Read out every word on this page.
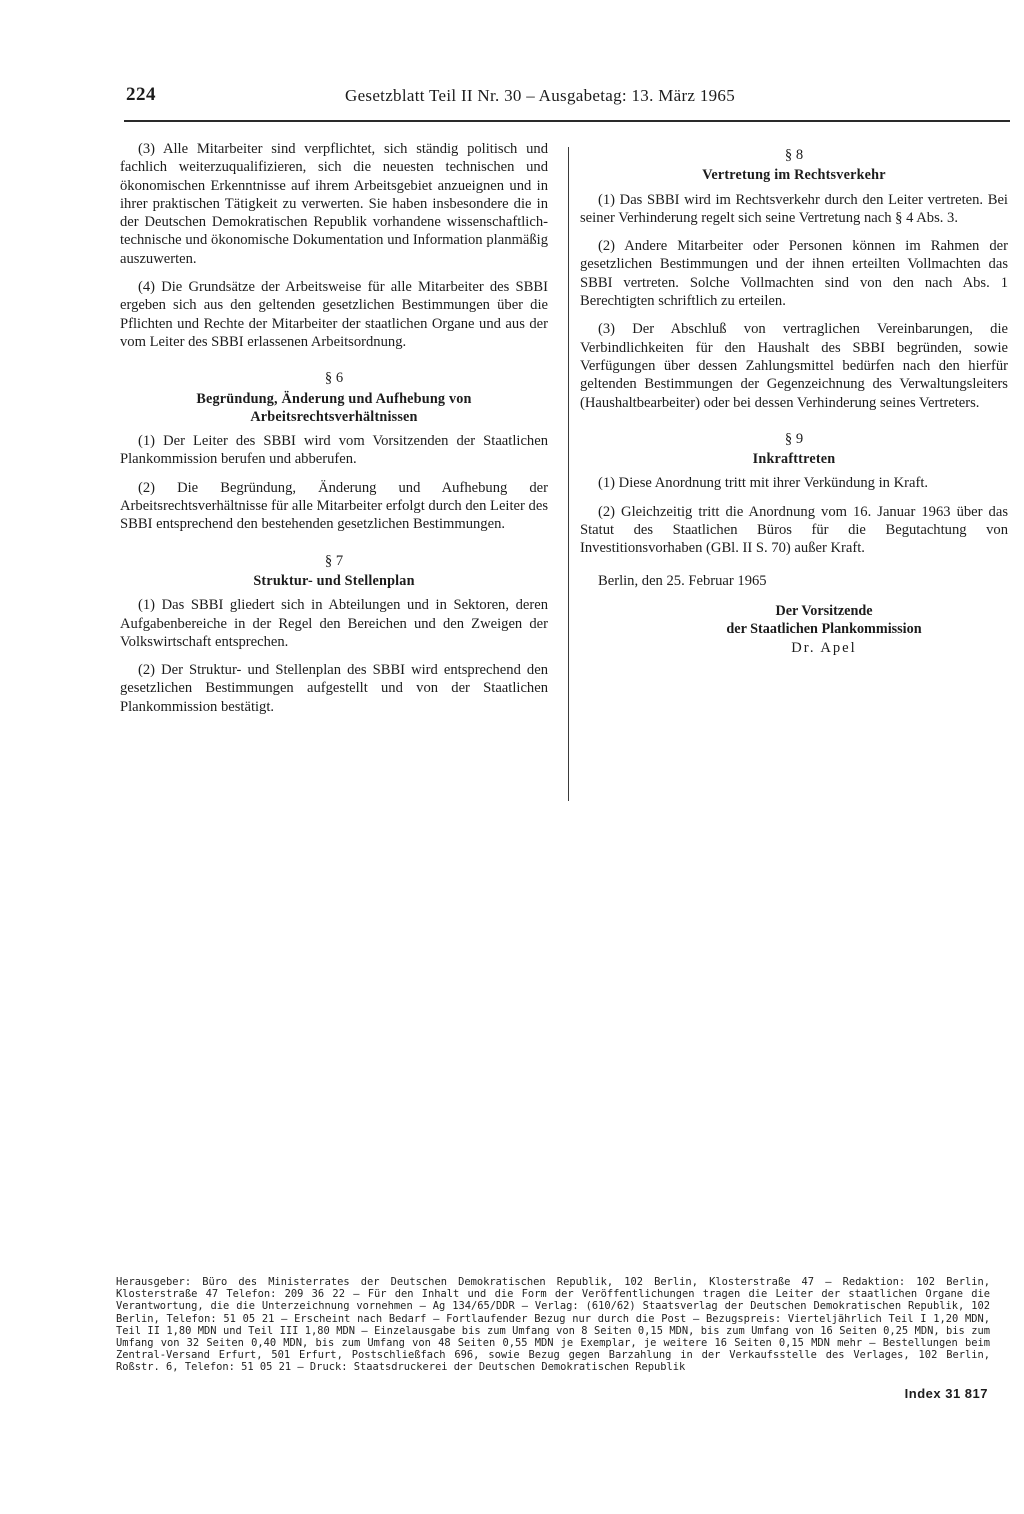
224	Gesetzblatt Teil II Nr. 30 – Ausgabetag: 13. März 1965

(3) Alle Mitarbeiter sind verpflichtet, sich ständig politisch und fachlich weiterzuqualifizieren, sich die neuesten technischen und ökonomischen Erkenntnisse auf ihrem Arbeitsgebiet anzueignen und in ihrer praktischen Tätigkeit zu verwerten. Sie haben insbesondere die in der Deutschen Demokratischen Republik vorhandene wissenschaftlich-technische und ökonomische Dokumentation und Information planmäßig auszuwerten.

(4) Die Grundsätze der Arbeitsweise für alle Mitarbeiter des SBBI ergeben sich aus den geltenden gesetzlichen Bestimmungen über die Pflichten und Rechte der Mitarbeiter der staatlichen Organe und aus der vom Leiter des SBBI erlassenen Arbeitsordnung.

§ 6
Begründung, Änderung und Aufhebung von Arbeitsrechtsverhältnissen

(1) Der Leiter des SBBI wird vom Vorsitzenden der Staatlichen Plankommission berufen und abberufen.

(2) Die Begründung, Änderung und Aufhebung der Arbeitsrechtsverhältnisse für alle Mitarbeiter erfolgt durch den Leiter des SBBI entsprechend den bestehenden gesetzlichen Bestimmungen.

§ 7
Struktur- und Stellenplan

(1) Das SBBI gliedert sich in Abteilungen und in Sektoren, deren Aufgabenbereiche in der Regel den Bereichen und den Zweigen der Volkswirtschaft entsprechen.

(2) Der Struktur- und Stellenplan des SBBI wird entsprechend den gesetzlichen Bestimmungen aufgestellt und von der Staatlichen Plankommission bestätigt.

§ 8
Vertretung im Rechtsverkehr

(1) Das SBBI wird im Rechtsverkehr durch den Leiter vertreten. Bei seiner Verhinderung regelt sich seine Vertretung nach § 4 Abs. 3.

(2) Andere Mitarbeiter oder Personen können im Rahmen der gesetzlichen Bestimmungen und der ihnen erteilten Vollmachten das SBBI vertreten. Solche Vollmachten sind von den nach Abs. 1 Berechtigten schriftlich zu erteilen.

(3) Der Abschluß von vertraglichen Vereinbarungen, die Verbindlichkeiten für den Haushalt des SBBI begründen, sowie Verfügungen über dessen Zahlungsmittel bedürfen nach den hierfür geltenden Bestimmungen der Gegenzeichnung des Verwaltungsleiters (Haushaltbearbeiter) oder bei dessen Verhinderung seines Vertreters.

§ 9
Inkrafttreten

(1) Diese Anordnung tritt mit ihrer Verkündung in Kraft.

(2) Gleichzeitig tritt die Anordnung vom 16. Januar 1963 über das Statut des Staatlichen Büros für die Begutachtung von Investitionsvorhaben (GBl. II S. 70) außer Kraft.

Berlin, den 25. Februar 1965

Der Vorsitzende

der Staatlichen Plankommission

Dr. Apel

Herausgeber: Büro des Ministerrates der Deutschen Demokratischen Republik, 102 Berlin, Klosterstraße 47 – Redaktion: 102 Berlin, Klosterstraße 47 Telefon: 209 36 22 – Für den Inhalt und die Form der Veröffentlichungen tragen die Leiter der staatlichen Organe die Verantwortung, die die Unterzeichnung vornehmen – Ag 134/65/DDR – Verlag: (610/62) Staatsverlag der Deutschen Demokratischen Republik, 102 Berlin, Telefon: 51 05 21 – Erscheint nach Bedarf – Fortlaufender Bezug nur durch die Post – Bezugspreis: Vierteljährlich Teil I 1,20 MDN, Teil II 1,80 MDN und Teil III 1,80 MDN – Einzelausgabe bis zum Umfang von 8 Seiten 0,15 MDN, bis zum Umfang von 16 Seiten 0,25 MDN, bis zum Umfang von 32 Seiten 0,40 MDN, bis zum Umfang von 48 Seiten 0,55 MDN je Exemplar, je weitere 16 Seiten 0,15 MDN mehr – Bestellungen beim Zentral-Versand Erfurt, 501 Erfurt, Postschließfach 696, sowie Bezug gegen Barzahlung in der Verkaufsstelle des Verlages, 102 Berlin, Roßstr. 6, Telefon: 51 05 21 – Druck: Staatsdruckerei der Deutschen Demokratischen Republik
Index 31 817
